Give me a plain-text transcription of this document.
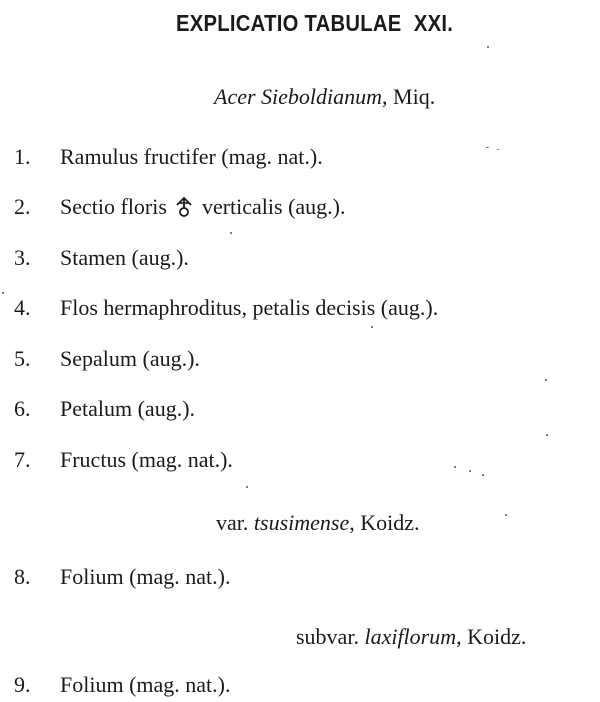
EXPLICATIO TABULAE XXI.
Acer Sieboldianum, Miq.
1. Ramulus fructifer (mag. nat.).
2. Sectio floris verticalis (aug.).
3. Stamen (aug.).
4. Flos hermaphroditus, petalis decisis (aug.).
5. Sepalum (aug.).
6. Petalum (aug.).
7. Fructus (mag. nat.).
var. tsusimense, Koidz.
8. Folium (mag. nat.).
subvar. laxiflorum, Koidz.
9. Folium (mag. nat.).
